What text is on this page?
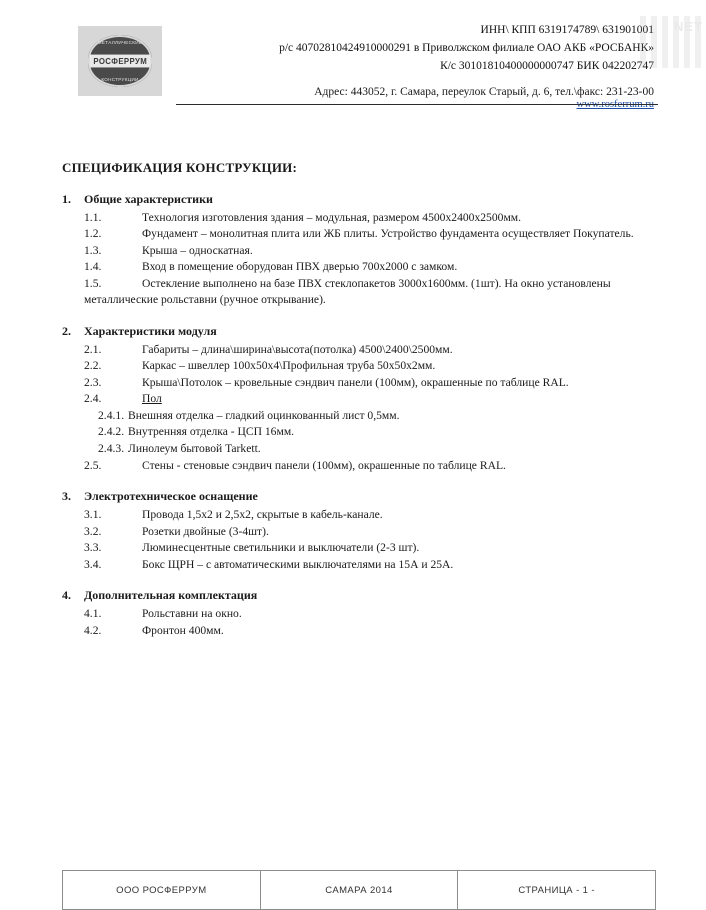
NET
МЕТАЛЛИЧЕСКИЕ
РОСФЕРРУМ
КОНСТРУКЦИИ
ИНН\ КПП 6319174789\ 631901001
р/с 40702810424910000291 в Приволжском филиале ОАО АКБ «РОСБАНК»
К/с 30101810400000000747 БИК 042202747
Адрес: 443052, г. Самара, переулок Старый, д. 6, тел.\факс: 231-23-00
www.rosferrum.ru
СПЕЦИФИКАЦИЯ КОНСТРУКЦИИ:
1.	Общие характеристики
1.1.	Технология изготовления здания – модульная, размером 4500х2400х2500мм.
1.2.	Фундамент – монолитная плита или ЖБ плиты. Устройство фундамента осуществляет Покупатель.
1.3.	Крыша – односкатная.
1.4.	Вход в помещение оборудован ПВХ дверью 700х2000 с замком.
1.5.	Остекление выполнено на базе ПВХ стеклопакетов 3000х1600мм. (1шт). На окно установлены металлические рольставни (ручное открывание).
2.	Характеристики модуля
2.1.	Габариты – длина\ширина\высота(потолка) 4500\2400\2500мм.
2.2.	Каркас – швеллер 100х50х4\Профильная труба 50х50х2мм.
2.3.	Крыша\Потолок – кровельные сэндвич панели (100мм), окрашенные по таблице RAL.
2.4.	Пол
2.4.1. Внешняя отделка – гладкий оцинкованный лист 0,5мм.
2.4.2. Внутренняя отделка - ЦСП 16мм.
2.4.3. Линолеум бытовой Tarkett.
2.5.	Стены - стеновые сэндвич панели (100мм), окрашенные по таблице RAL.
3.	Электротехническое оснащение
3.1.	Провода 1,5х2 и 2,5х2, скрытые в кабель-канале.
3.2.	Розетки двойные (3-4шт).
3.3.	Люминесцентные светильники и выключатели (2-3 шт).
3.4.	Бокс ЩРН – с автоматическими выключателями на 15А и 25А.
4.	Дополнительная комплектация
4.1.	Рольставни на окно.
4.2.	Фронтон 400мм.
ООО РОСФЕРРУМ	САМАРА 2014	СТРАНИЦА - 1 -
